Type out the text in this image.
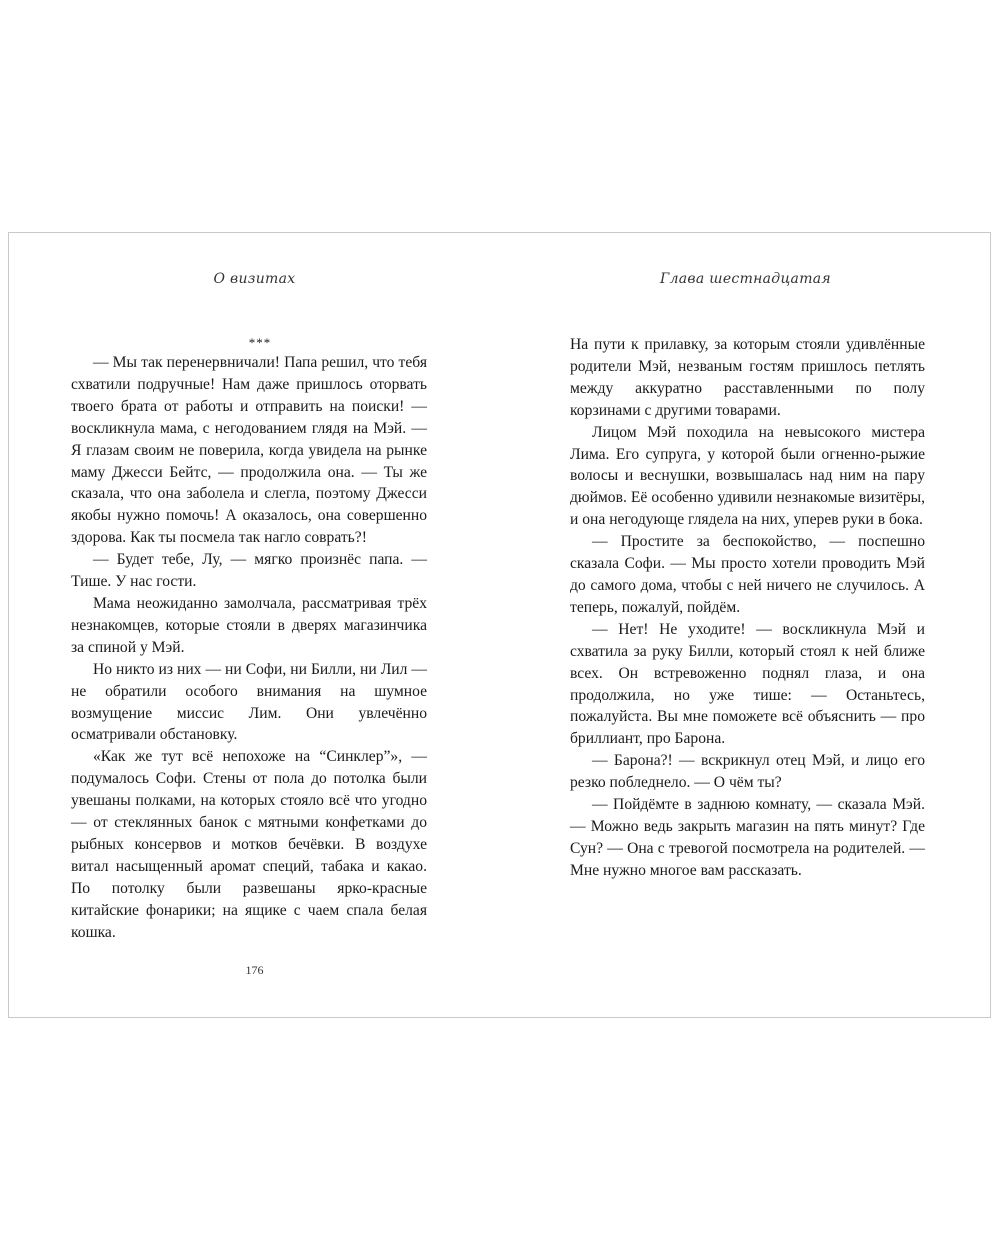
О визитах

***

— Мы так перенервничали! Папа решил, что тебя схватили подручные! Нам даже пришлось оторвать твоего брата от работы и отправить на поиски! — воскликнула мама, с негодованием глядя на Мэй. — Я глазам своим не поверила, когда увидела на рынке маму Джесси Бейтс, — продолжила она. — Ты же сказала, что она заболела и слегла, поэтому Джесси якобы нужно помочь! А оказалось, она совершенно здорова. Как ты посмела так нагло соврать?!

— Будет тебе, Лу, — мягко произнёс папа. — Тише. У нас гости.

Мама неожиданно замолчала, рассматривая трёх незнакомцев, которые стояли в дверях магазинчика за спиной у Мэй.

Но никто из них — ни Софи, ни Билли, ни Лил — не обратили особого внимания на шумное возмущение миссис Лим. Они увлечённо осматривали обстановку.

«Как же тут всё непохоже на “Синклер”», — подумалось Софи. Стены от пола до потолка были увешаны полками, на которых стояло всё что угодно — от стеклянных банок с мятными конфетками до рыбных консервов и мотков бечёвки. В воздухе витал насыщенный аромат специй, табака и какао. По потолку были развешаны ярко-красные китайские фонарики; на ящике с чаем спала белая кошка.

176
Глава шестнадцатая

На пути к прилавку, за которым стояли удивлённые родители Мэй, незваным гостям пришлось петлять между аккуратно расставленными по полу корзинами с другими товарами.

Лицом Мэй походила на невысокого мистера Лима. Его супруга, у которой были огненно-рыжие волосы и веснушки, возвышалась над ним на пару дюймов. Её особенно удивили незнакомые визитёры, и она негодующе глядела на них, уперев руки в бока.

— Простите за беспокойство, — поспешно сказала Софи. — Мы просто хотели проводить Мэй до самого дома, чтобы с ней ничего не случилось. А теперь, пожалуй, пойдём.

— Нет! Не уходите! — воскликнула Мэй и схватила за руку Билли, который стоял к ней ближе всех. Он встревоженно поднял глаза, и она продолжила, но уже тише: — Останьтесь, пожалуйста. Вы мне поможете всё объяснить — про бриллиант, про Барона.

— Барона?! — вскрикнул отец Мэй, и лицо его резко побледнело. — О чём ты?

— Пойдёмте в заднюю комнату, — сказала Мэй. — Можно ведь закрыть магазин на пять минут? Где Сун? — Она с тревогой посмотрела на родителей. — Мне нужно многое вам рассказать.
